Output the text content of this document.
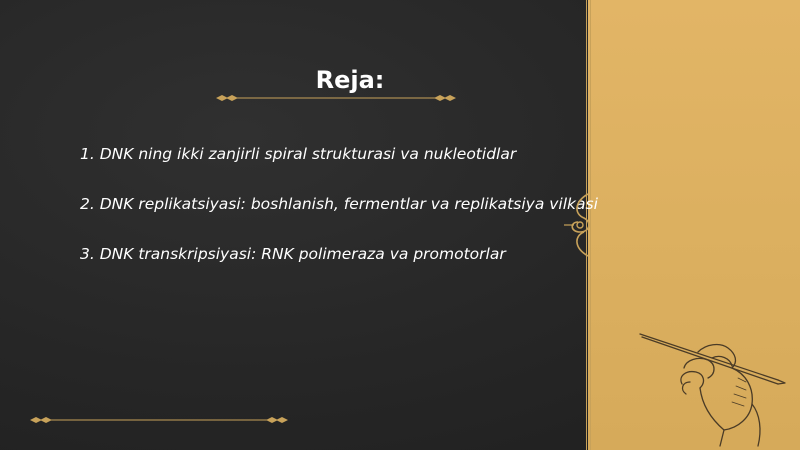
Reja:
1. DNK ning ikki zanjirli spiral strukturasi va nukleotidlar
2. DNK replikatsiyasi: boshlanish, fermentlar va replikatsiya vilkasi
3. DNK transkripsiyasi: RNK polimeraza va promotorlar
